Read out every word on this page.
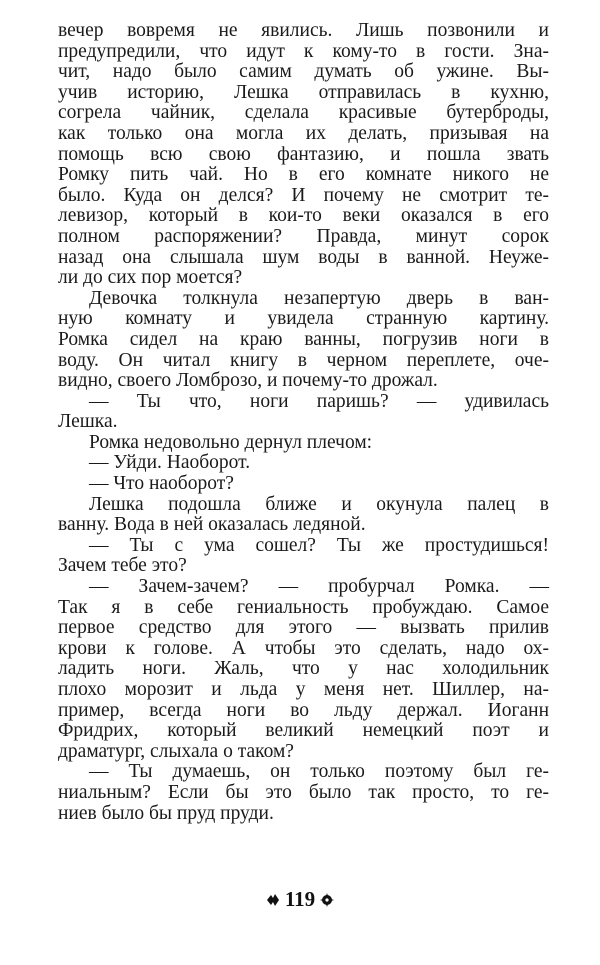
вечер вовремя не явились. Лишь позвонили и
предупредили, что идут к кому-то в гости. Зна-
чит, надо было самим думать об ужине. Вы-
учив историю, Лешка отправилась в кухню,
согрела чайник, сделала красивые бутерброды,
как только она могла их делать, призывая на
помощь всю свою фантазию, и пошла звать
Ромку пить чай. Но в его комнате никого не
было. Куда он делся? И почему не смотрит те-
левизор, который в кои-то веки оказался в его
полном распоряжении? Правда, минут сорок
назад она слышала шум воды в ванной. Неуже-
ли до сих пор моется?
Девочка толкнула незапертую дверь в ван-
ную комнату и увидела странную картину.
Ромка сидел на краю ванны, погрузив ноги в
воду. Он читал книгу в черном переплете, оче-
видно, своего Ломброзо, и почему-то дрожал.
— Ты что, ноги паришь? — удивилась
Лешка.
Ромка недовольно дернул плечом:
— Уйди. Наоборот.
— Что наоборот?
Лешка подошла ближе и окунула палец в
ванну. Вода в ней оказалась ледяной.
— Ты с ума сошел? Ты же простудишься!
Зачем тебе это?
— Зачем-зачем? — пробурчал Ромка. —
Так я в себе гениальность пробуждаю. Самое
первое средство для этого — вызвать прилив
крови к голове. А чтобы это сделать, надо ох-
ладить ноги. Жаль, что у нас холодильник
плохо морозит и льда у меня нет. Шиллер, на-
пример, всегда ноги во льду держал. Иоганн
Фридрих, который великий немецкий поэт и
драматург, слыхала о таком?
— Ты думаешь, он только поэтому был ге-
ниальным? Если бы это было так просто, то ге-
ниев было бы пруд пруди.
119
